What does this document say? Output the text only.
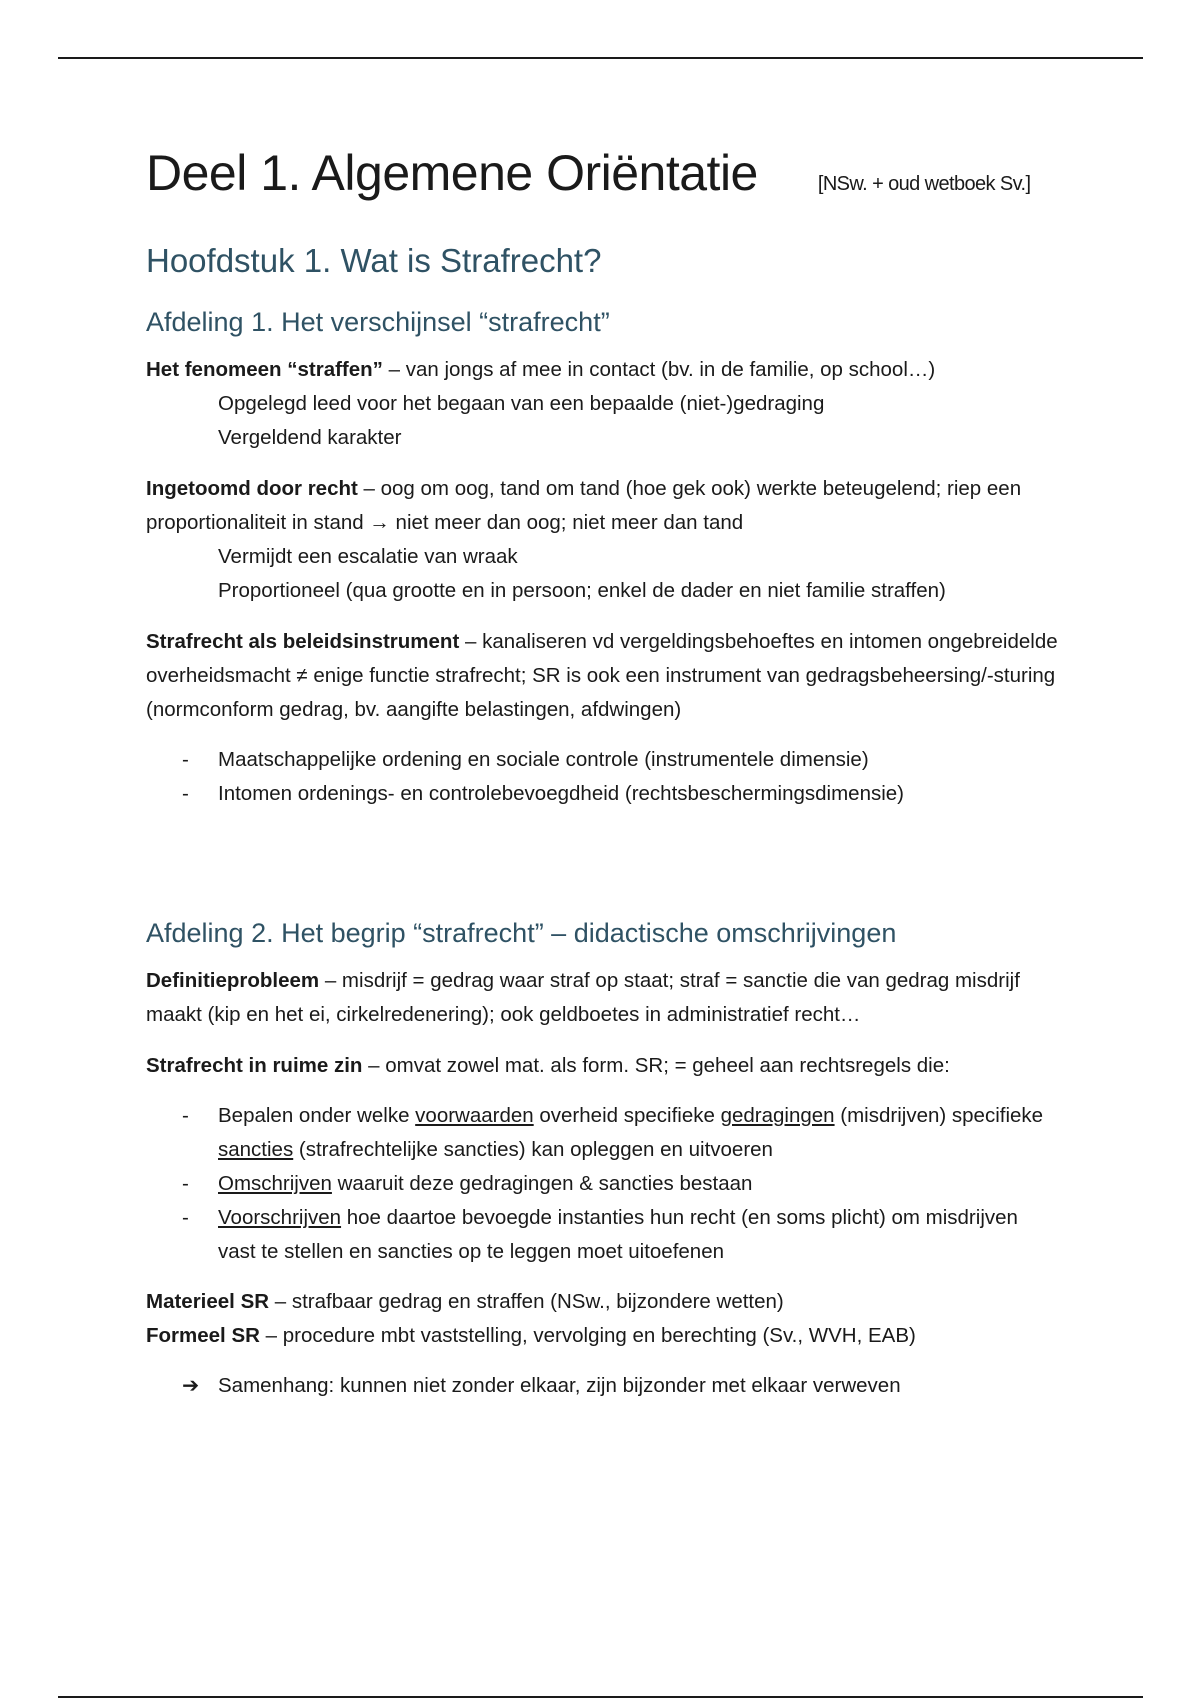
Deel 1. Algemene Oriëntatie	[NSw. + oud wetboek Sv.]
Hoofdstuk 1. Wat is Strafrecht?
Afdeling 1. Het verschijnsel “strafrecht”

Het fenomeen “straffen” – van jongs af mee in contact (bv. in de familie, op school…)

Opgelegd leed voor het begaan van een bepaalde (niet-)gedraging
Vergeldend karakter

Ingetoomd door recht – oog om oog, tand om tand (hoe gek ook) werkte beteugelend; riep een proportionaliteit in stand → niet meer dan oog; niet meer dan tand

Vermijdt een escalatie van wraak
Proportioneel (qua grootte en in persoon; enkel de dader en niet familie straffen)

Strafrecht als beleidsinstrument – kanaliseren vd vergeldingsbehoeftes en intomen ongebreidelde overheidsmacht ≠ enige functie strafrecht; SR is ook een instrument van gedragsbeheersing/-sturing (normconform gedrag, bv. aangifte belastingen, afdwingen)

- Maatschappelijke ordening en sociale controle (instrumentele dimensie)
- Intomen ordenings- en controlebevoegdheid (rechtsbeschermingsdimensie)
Afdeling 2. Het begrip “strafrecht” – didactische omschrijvingen

Definitieprobleem – misdrijf = gedrag waar straf op staat; straf = sanctie die van gedrag misdrijf maakt (kip en het ei, cirkelredenering); ook geldboetes in administratief recht…

Strafrecht in ruime zin – omvat zowel mat. als form. SR; = geheel aan rechtsregels die:

- Bepalen onder welke voorwaarden overheid specifieke gedragingen (misdrijven) specifieke sancties (strafrechtelijke sancties) kan opleggen en uitvoeren
- Omschrijven waaruit deze gedragingen & sancties bestaan
- Voorschrijven hoe daartoe bevoegde instanties hun recht (en soms plicht) om misdrijven vast te stellen en sancties op te leggen moet uitoefenen

Materieel SR – strafbaar gedrag en straffen (NSw., bijzondere wetten)

Formeel SR – procedure mbt vaststelling, vervolging en berechting (Sv., WVH, EAB)

➔ Samenhang: kunnen niet zonder elkaar, zijn bijzonder met elkaar verweven
